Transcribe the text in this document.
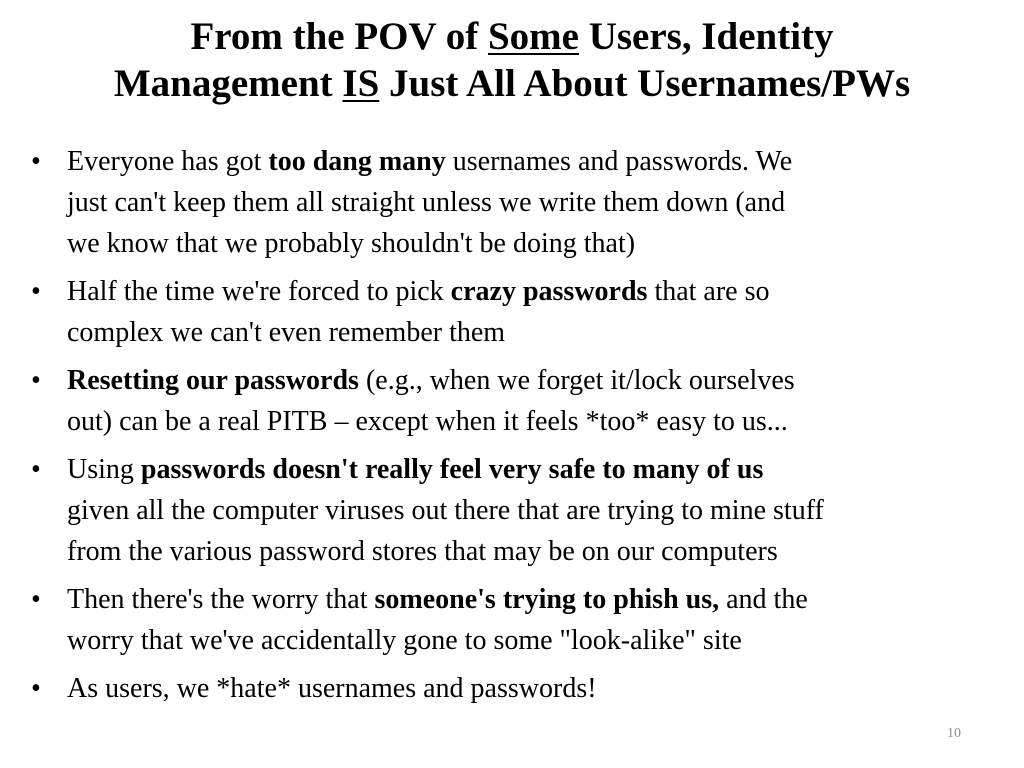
From the POV of Some Users, Identity
Management IS Just All About Usernames/PWs
• Everyone has got too dang many usernames and passwords. We
just can't keep them all straight unless we write them down (and
we know that we probably shouldn't be doing that)
• Half the time we're forced to pick crazy passwords that are so
complex we can't even remember them
• Resetting our passwords (e.g., when we forget it/lock ourselves
out) can be a real PITB – except when it feels *too* easy to us...
• Using passwords doesn't really feel very safe to many of us
given all the computer viruses out there that are trying to mine stuff
from the various password stores that may be on our computers
• Then there's the worry that someone's trying to phish us, and the
worry that we've accidentally gone to some "look-alike" site
• As users, we *hate* usernames and passwords!
10
